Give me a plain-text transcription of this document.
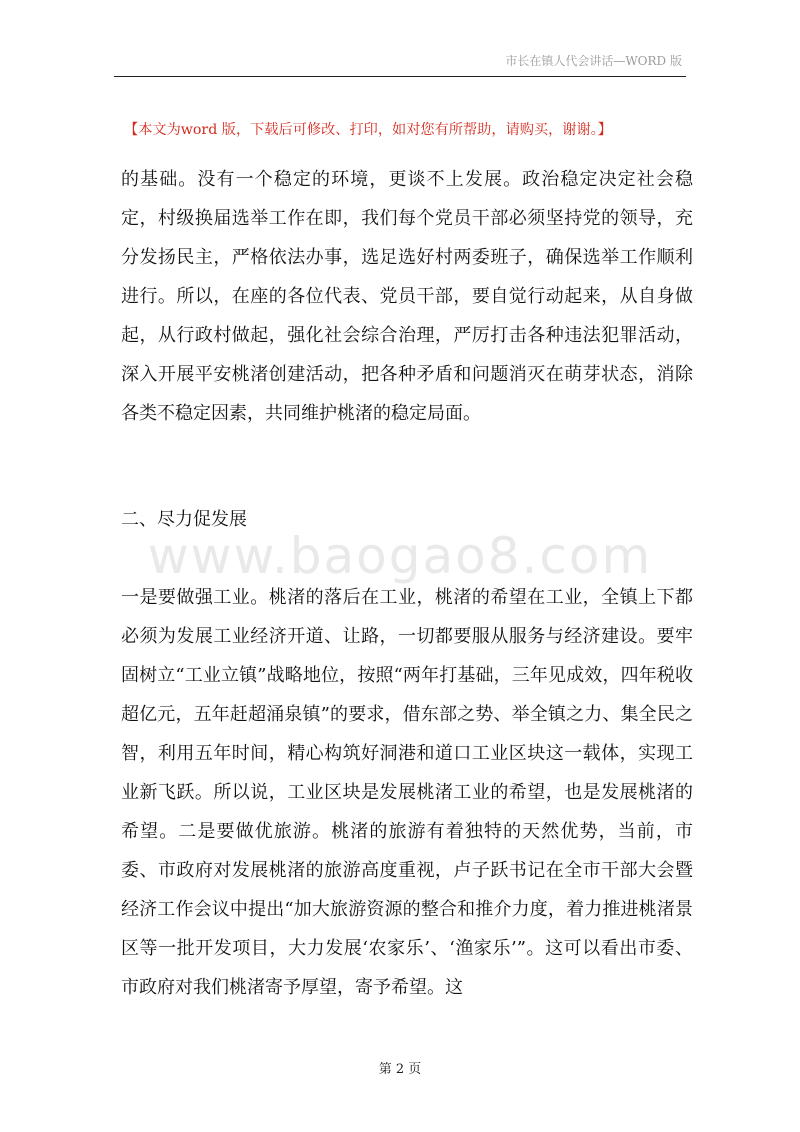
市长在镇人代会讲话—WORD 版
【本文为word 版，下载后可修改、打印，如对您有所帮助，请购买，谢谢。】

的基础。没有一个稳定的环境，更谈不上发展。政治稳定决定社会稳定，村级换届选举工作在即，我们每个党员干部必须坚持党的领导，充分发扬民主，严格依法办事，选足选好村两委班子，确保选举工作顺利进行。所以，在座的各位代表、党员干部，要自觉行动起来，从自身做起，从行政村做起，强化社会综合治理，严厉打击各种违法犯罪活动，深入开展平安桃渚创建活动，把各种矛盾和问题消灭在萌芽状态，消除各类不稳定因素，共同维护桃渚的稳定局面。

二、尽力促发展

www.baogao8.com

一是要做强工业。桃渚的落后在工业，桃渚的希望在工业，全镇上下都必须为发展工业经济开道、让路，一切都要服从服务与经济建设。要牢固树立“工业立镇”战略地位，按照“两年打基础，三年见成效，四年税收超亿元，五年赶超涌泉镇”的要求，借东部之势、举全镇之力、集全民之智，利用五年时间，精心构筑好洞港和道口工业区块这一载体，实现工业新飞跃。所以说，工业区块是发展桃渚工业的希望，也是发展桃渚的希望。二是要做优旅游。桃渚的旅游有着独特的天然优势，当前，市委、市政府对发展桃渚的旅游高度重视，卢子跃书记在全市干部大会暨经济工作会议中提出“加大旅游资源的整合和推介力度，着力推进桃渚景区等一批开发项目，大力发展‘农家乐’、‘渔家乐’”。这可以看出市委、市政府对我们桃渚寄予厚望，寄予希望。这

第 2 页
